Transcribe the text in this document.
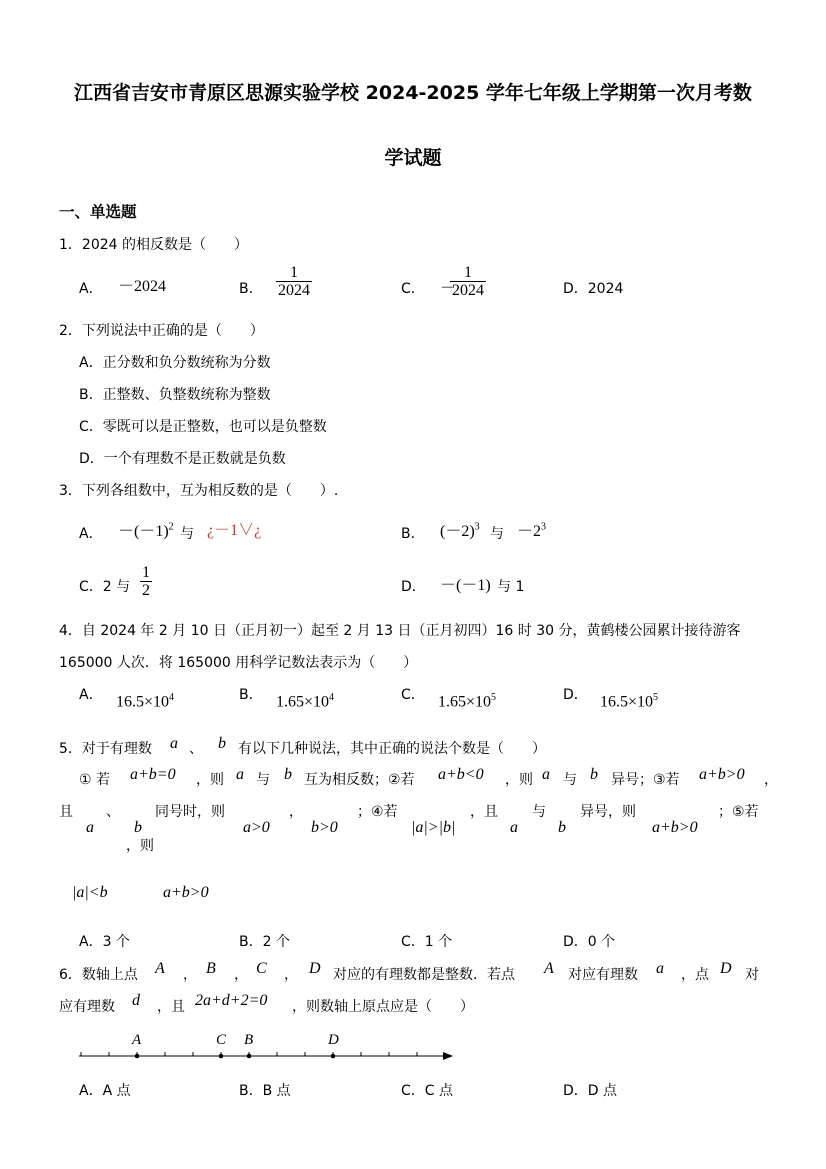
江西省吉安市青原区思源实验学校 2024-2025 学年七年级上学期第一次月考数
学试题
一、单选题
1．2024 的相反数是（　　）
A． －2024	B． $\frac{1}{2024}$	C． －
$\frac{1}{2024}$	D．2024
2．下列说法中正确的是（　　）
A．正分数和负分数统称为分数
B．正整数、负整数统称为整数
C．零既可以是正整数，也可以是负整数
D．一个有理数不是正数就是负数
3．下列各组数中，互为相反数的是（　　）.
A． $-(-1)^2$ 与 ¿－1∨¿	B． $(-2)^3$ 与 $-2^3$
C．2 与 $\frac{1}{2}$	D． －(－1) 与 1
4．自 2024 年 2 月 10 日（正月初一）起至 2 月 13 日（正月初四）16 时 30 分，黄鹤楼公园累计接待游客
165000 人次．将 165000 用科学记数法表示为（　　）
A． $16.5\times 10^4$	B． $1.65\times 10^4$	C． $1.65\times 10^5$	D． $16.5\times 10^5$
5．对于有理数 a 、 b 有以下几种说法，其中正确的说法个数是（　　）
① 若 a+b=0 ，则 a 与 b 互为相反数；②若 a+b<0 ，则 a 与 b 异号；③若 a+b>0 ，
且 、	同号时，则	，	；④若	，且 与 异号，则	；⑤若
a	b
，则
a>0	b>0	|a|>|b|	a	b	a+b>0
|a|<b	a+b>0
A．3 个	B．2 个	C．1 个	D．0 个
6．数轴上点 A ， B ， C ， D 对应的有理数都是整数．若点 A 对应有理数 a ，点 D 对
应有理数 d ，且 2a+d+2=0 ，则数轴上原点应是（　　）
A	C B	D
A．A 点	B．B 点	C．C 点	D．D 点
